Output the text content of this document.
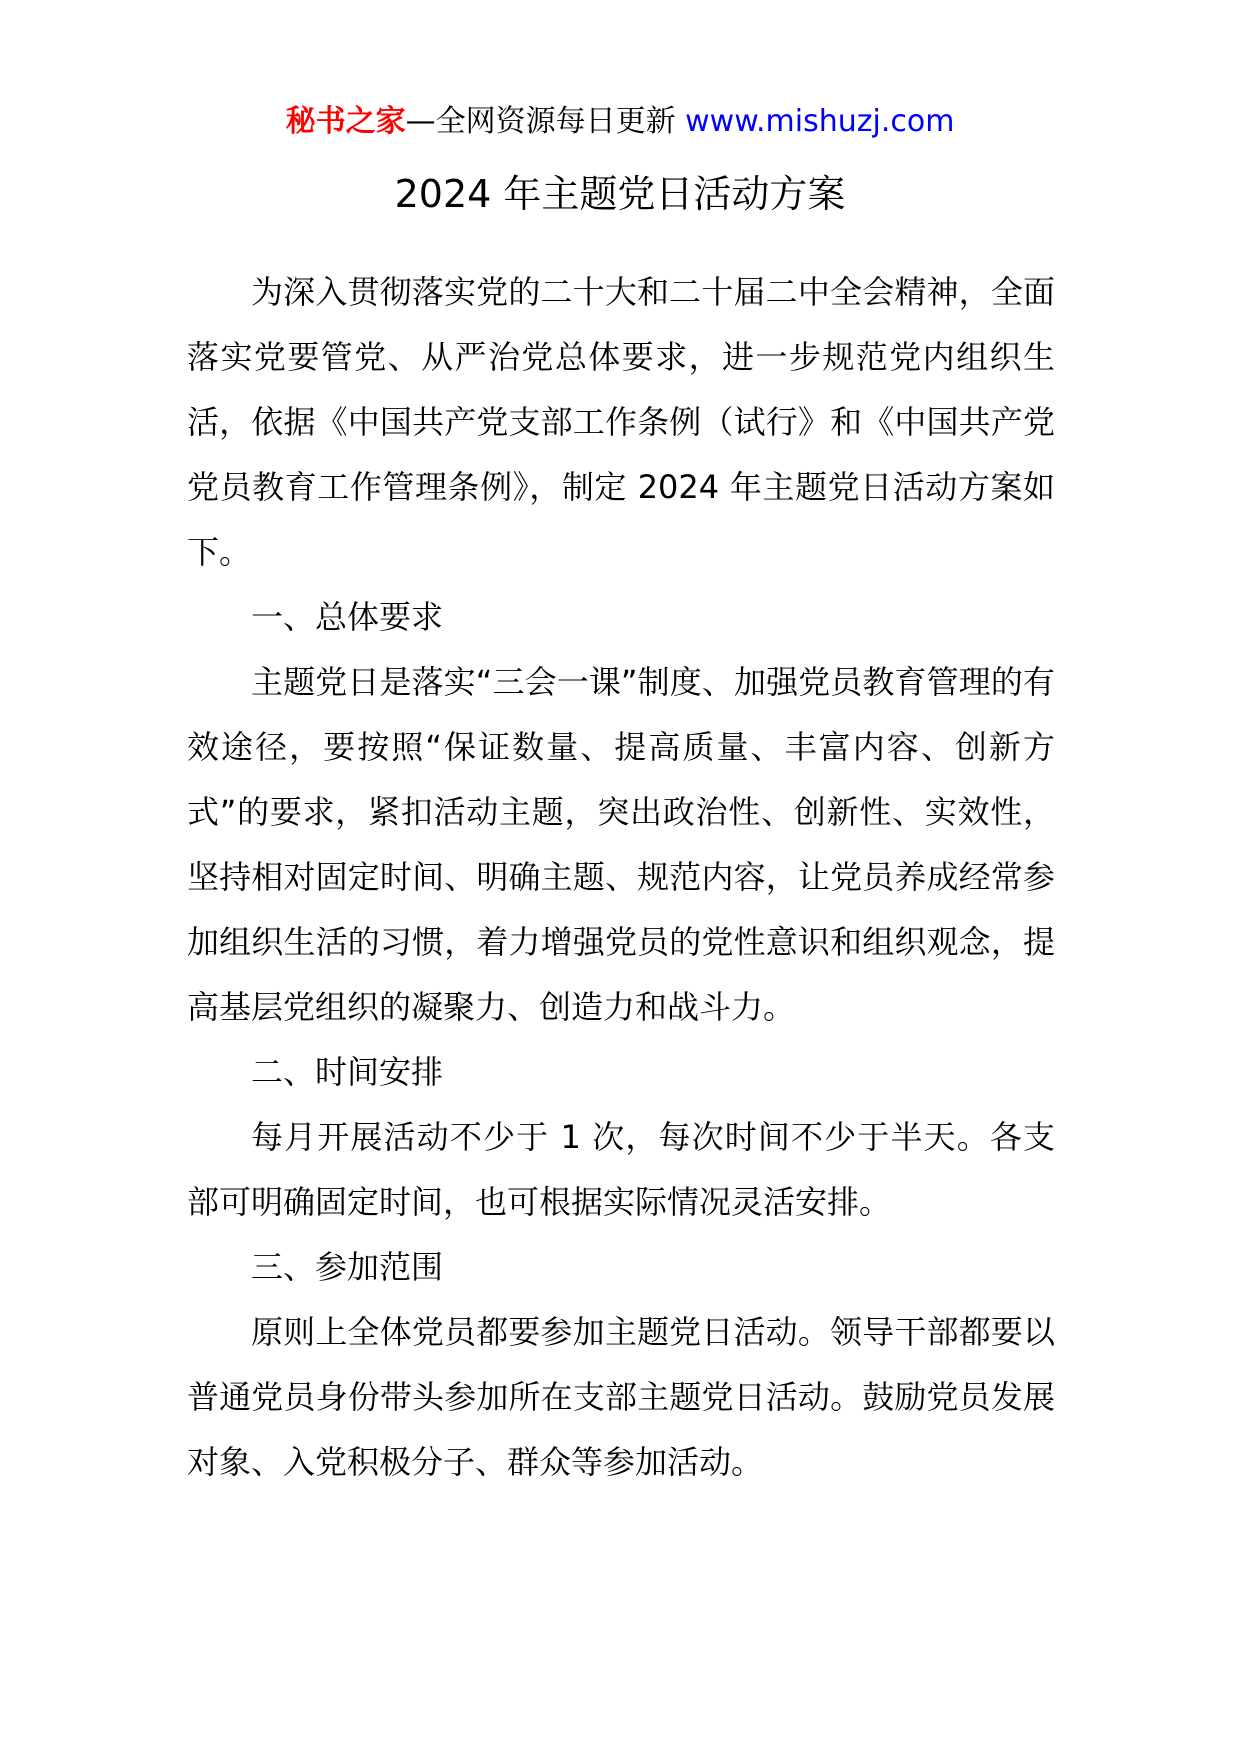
秘书之家—全网资源每日更新 www.mishuzj.com
2024 年主题党日活动方案

为深入贯彻落实党的二十大和二十届二中全会精神，全面落实党要管党、从严治党总体要求，进一步规范党内组织生活，依据《中国共产党支部工作条例（试行》和《中国共产党党员教育工作管理条例》，制定 2024 年主题党日活动方案如下。

一、总体要求

主题党日是落实“三会一课”制度、加强党员教育管理的有效途径，要按照“保证数量、提高质量、丰富内容、创新方式”的要求，紧扣活动主题，突出政治性、创新性、实效性，坚持相对固定时间、明确主题、规范内容，让党员养成经常参加组织生活的习惯，着力增强党员的党性意识和组织观念，提高基层党组织的凝聚力、创造力和战斗力。

二、时间安排

每月开展活动不少于 1 次，每次时间不少于半天。各支部可明确固定时间，也可根据实际情况灵活安排。

三、参加范围

原则上全体党员都要参加主题党日活动。领导干部都要以普通党员身份带头参加所在支部主题党日活动。鼓励党员发展对象、入党积极分子、群众等参加活动。
